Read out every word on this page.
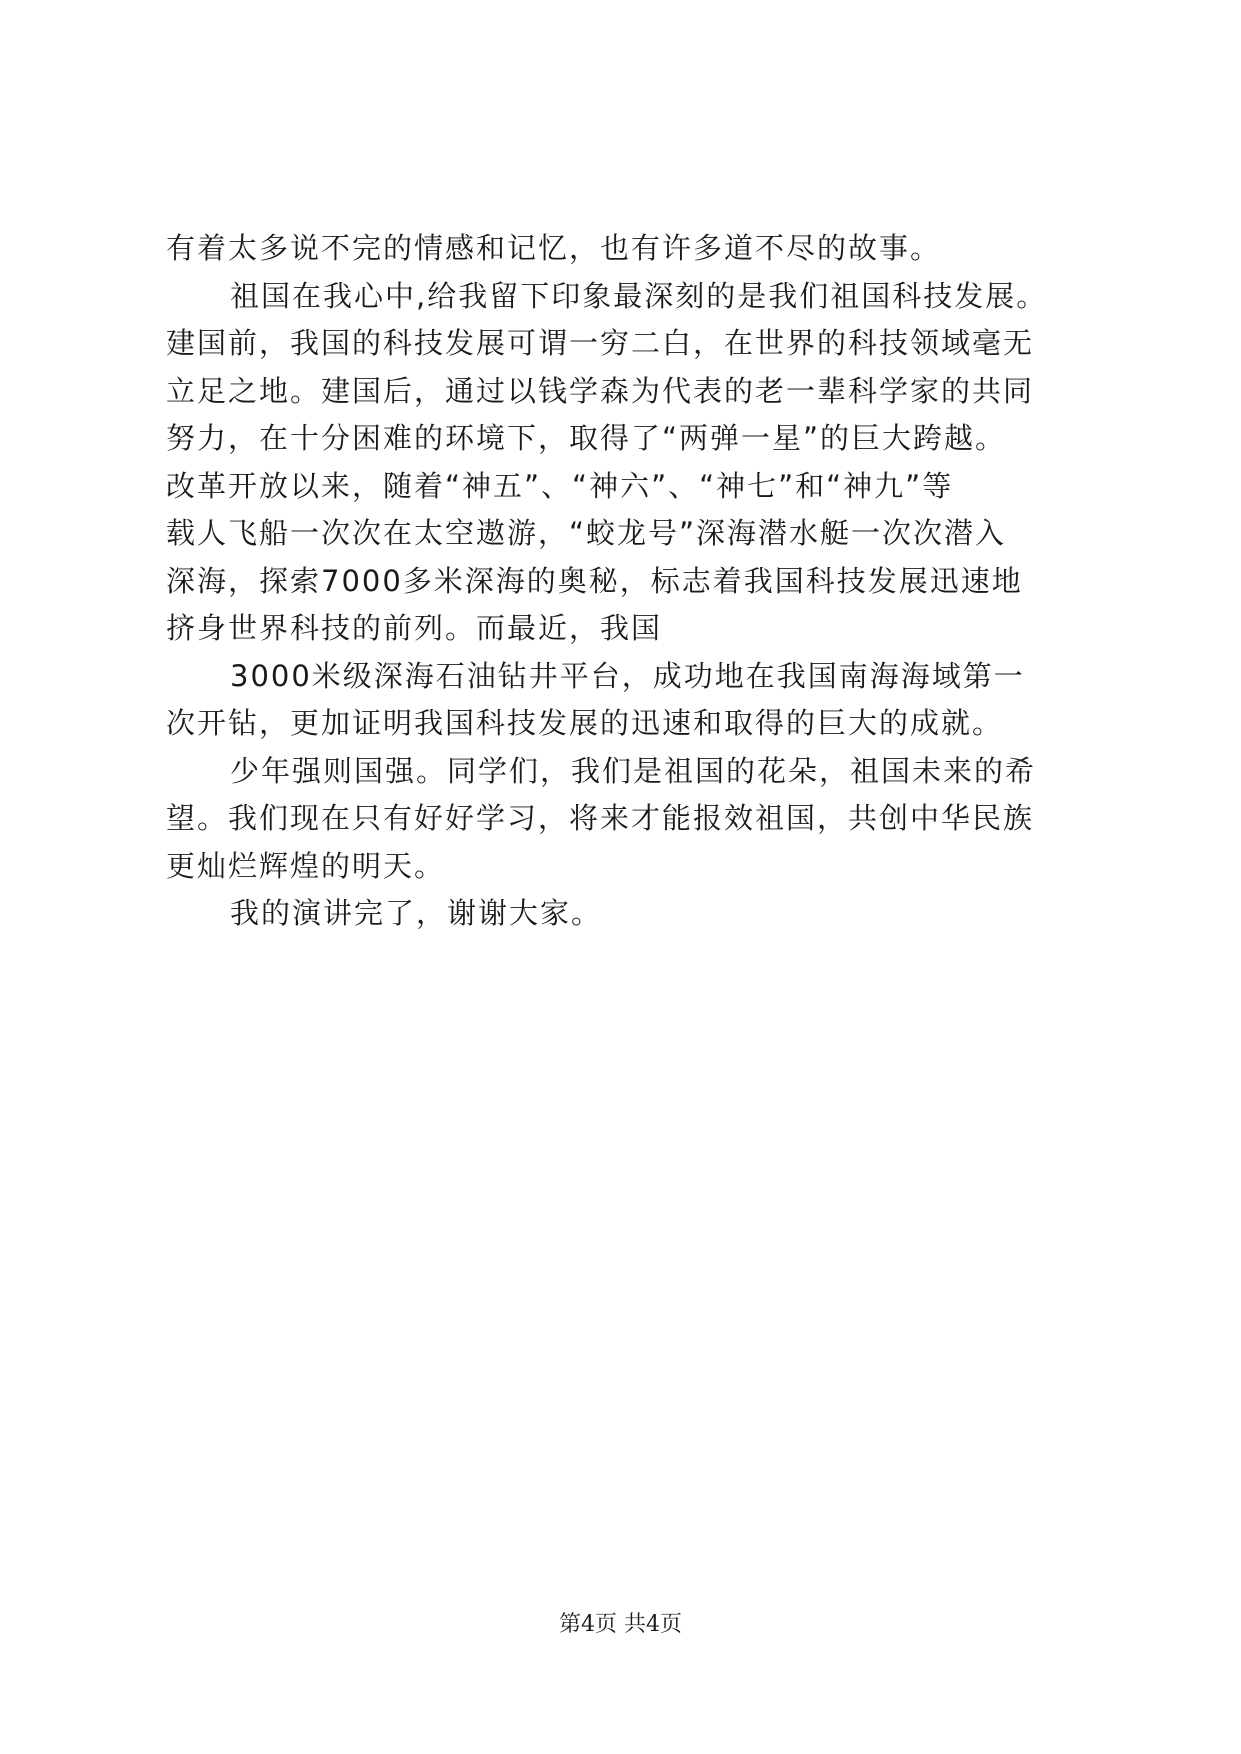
有着太多说不完的情感和记忆，也有许多道不尽的故事。
祖国在我心中,给我留下印象最深刻的是我们祖国科技发展。
建国前，我国的科技发展可谓一穷二白，在世界的科技领域毫无
立足之地。建国后，通过以钱学森为代表的老一辈科学家的共同
努力，在十分困难的环境下，取得了“两弹一星”的巨大跨越。
改革开放以来，随着“神五”、“神六”、“神七”和“神九”等
载人飞船一次次在太空遨游，“蛟龙号”深海潜水艇一次次潜入
深海，探索7000多米深海的奥秘，标志着我国科技发展迅速地
挤身世界科技的前列。而最近，我国
3000米级深海石油钻井平台，成功地在我国南海海域第一
次开钻，更加证明我国科技发展的迅速和取得的巨大的成就。
少年强则国强。同学们，我们是祖国的花朵，祖国未来的希
望。我们现在只有好好学习，将来才能报效祖国，共创中华民族
更灿烂辉煌的明天。
我的演讲完了，谢谢大家。
第4页 共4页
